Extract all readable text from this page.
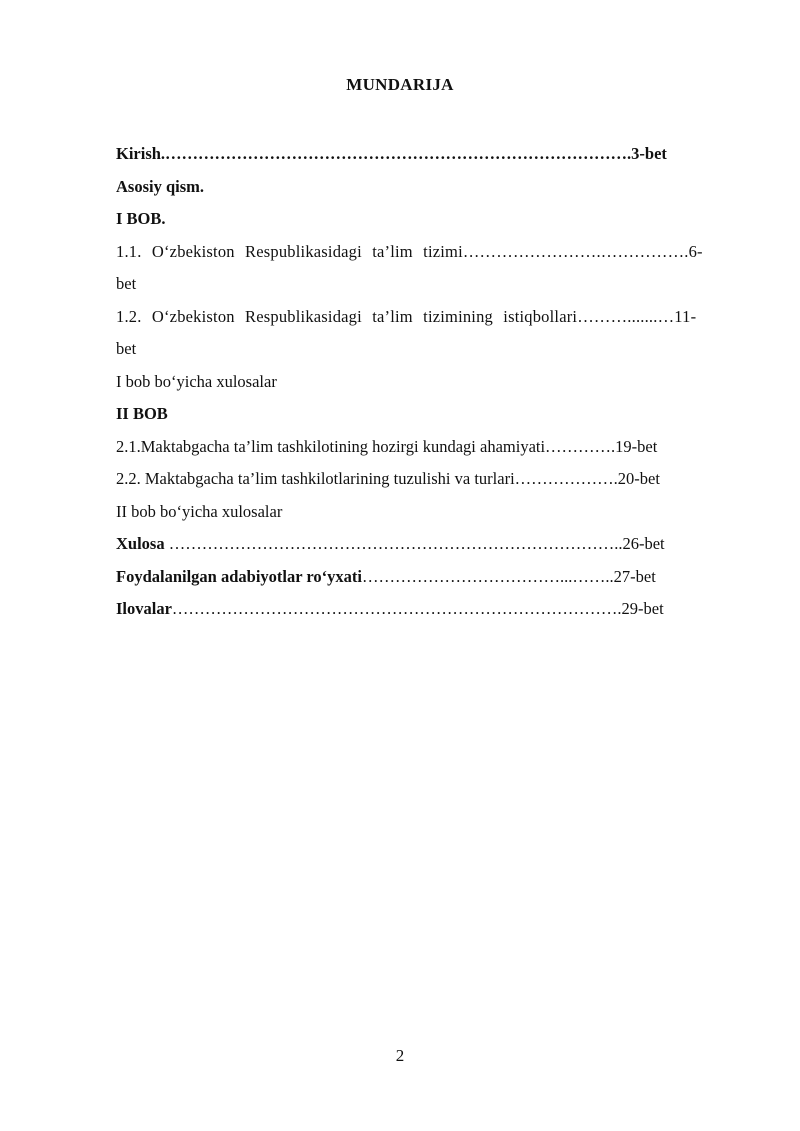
MUNDARIJA
Kirish.………………………………………………………………………….3-bet
Asosiy qism.
I BOB.
1.1. O‘zbekiston Respublikasidagi ta’lim tizimi…………………….…………….6-
bet
1.2. O‘zbekiston Respublikasidagi ta’lim tizimining istiqbollari……….......…11-
bet
I bob bo‘yicha xulosalar
II BOB
2.1.Maktabgacha ta’lim tashkilotining hozirgi kundagi ahamiyati………….19-bet
2.2. Maktabgacha ta’lim tashkilotlarining tuzulishi va turlari……………….20-bet
II bob bo‘yicha xulosalar
Xulosa ………………………………………………………………………..26-bet
Foydalanilgan adabiyotlar ro‘yxati………………………………...……..27-bet
Ilovalar……………………………………………………………………….29-bet
2
